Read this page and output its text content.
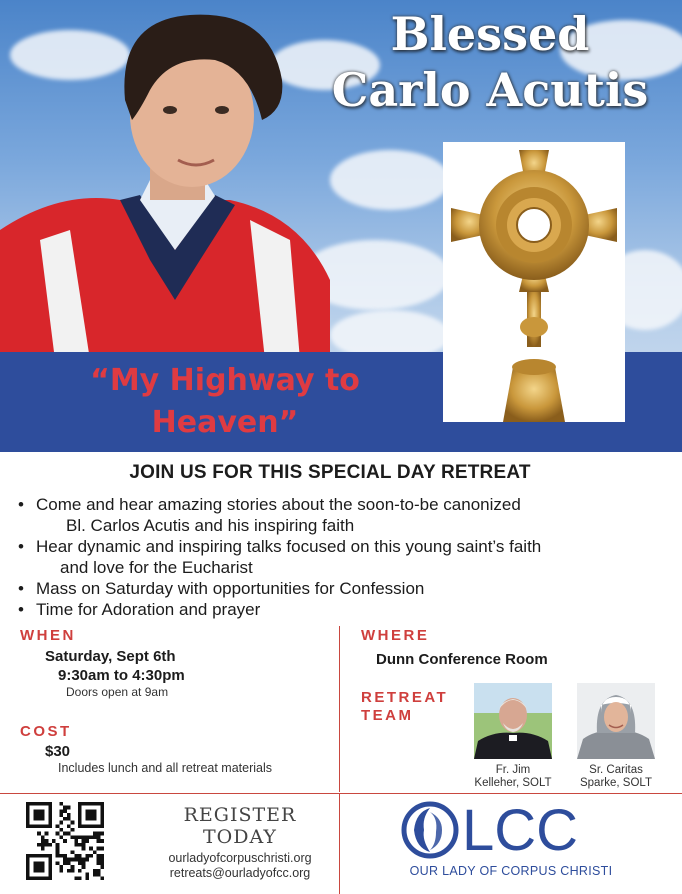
Blessed
Carlo Acutis
“My Highway to
Heaven”
JOIN US FOR THIS SPECIAL DAY RETREAT
• Come and hear amazing stories about the soon-to-be canonized
Bl. Carlos Acutis and his inspiring faith
• Hear dynamic and inspiring talks focused on this young saint’s faith
and love for the Eucharist
• Mass on Saturday with opportunities for Confession
• Time for Adoration and prayer
WHEN
Saturday, Sept 6th
9:30am to 4:30pm
Doors open at 9am
COST
$30
Includes lunch and all retreat materials
WHERE
Dunn Conference Room
RETREAT
TEAM
Fr. Jim
Kelleher, SOLT
Sr. Caritas
Sparke, SOLT
REGISTER
TODAY
ourladyofcorpuschristi.org
retreats@ourladyofcc.org
LCC
OUR LADY OF CORPUS CHRISTI
